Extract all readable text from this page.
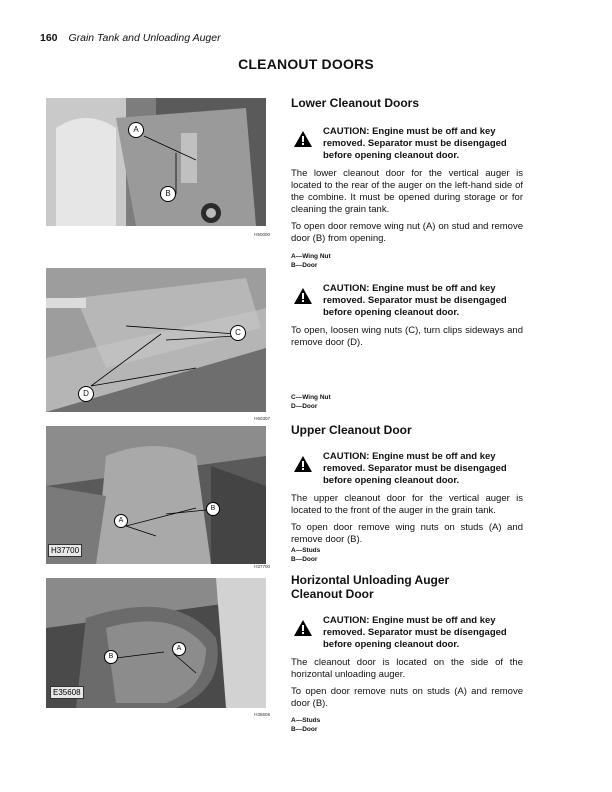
160 Grain Tank and Unloading Auger
CLEANOUT DOORS
A
B
H50000
C
D
H50307
A
B
H37700
H37700
B
A
E35608
H35608
Lower Cleanout Doors
CAUTION: Engine must be off and key removed. Separator must be disengaged before opening cleanout door.

The lower cleanout door for the vertical auger is located to the rear of the auger on the left-hand side of the combine. It must be opened during storage or for cleaning the grain tank.

To open door remove wing nut (A) on stud and remove door (B) from opening.

A—Wing Nut
B—Door
CAUTION: Engine must be off and key removed. Separator must be disengaged before opening cleanout door.

To open, loosen wing nuts (C), turn clips sideways and remove door (D).

C—Wing Nut
D—Door
Upper Cleanout Door
CAUTION: Engine must be off and key removed. Separator must be disengaged before opening cleanout door.

The upper cleanout door for the vertical auger is located to the front of the auger in the grain tank.

To open door remove wing nuts on studs (A) and remove door (B).

A—Studs
B—Door
Horizontal Unloading Auger Cleanout Door
CAUTION: Engine must be off and key removed. Separator must be disengaged before opening cleanout door.

The cleanout door is located on the side of the horizontal unloading auger.

To open door remove nuts on studs (A) and remove door (B).

A—Studs
B—Door
